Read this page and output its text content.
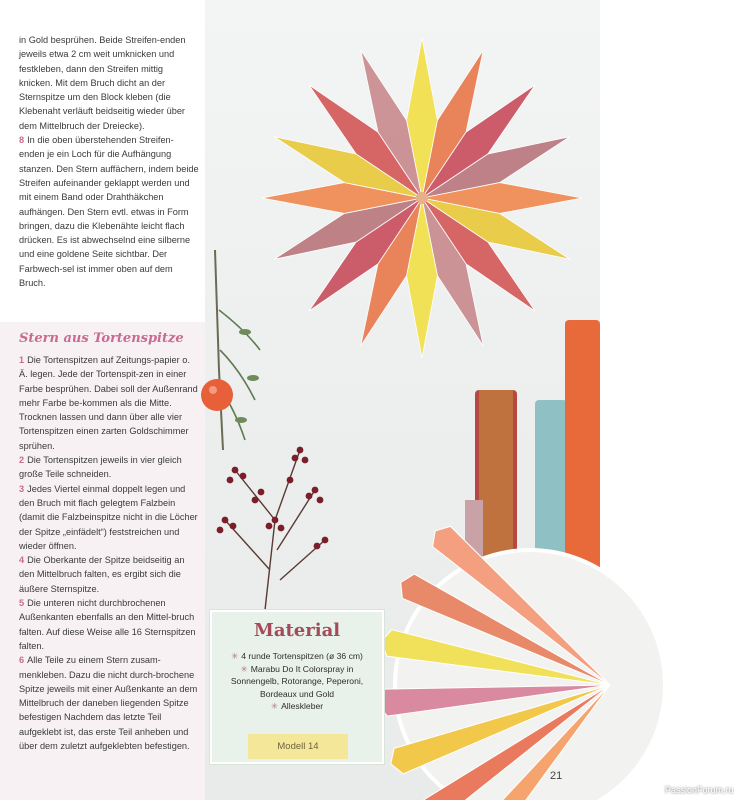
in Gold besprühen. Beide Streifen-enden jeweils etwa 2 cm weit umknicken und festkleben, dann den Streifen mittig knicken. Mit dem Bruch dicht an der Sternspitze um den Block kleben (die Klebenaht verläuft beidseitig wieder über dem Mittelbruch der Dreiecke).

8 In die oben überstehenden Streifen-enden je ein Loch für die Aufhängung stanzen. Den Stern auffächern, indem beide Streifen aufeinander geklappt werden und mit einem Band oder Drahthäkchen aufhängen. Den Stern evtl. etwas in Form bringen, dazu die Klebenähte leicht flach drücken. Es ist abwechselnd eine silberne und eine goldene Seite sichtbar. Der Farbwech-sel ist immer oben auf dem Bruch.

Stern aus Tortenspitze

1 Die Tortenspitzen auf Zeitungs-papier o. Ä. legen. Jede der Tortenspit-zen in einer Farbe besprühen. Dabei soll der Außenrand mehr Farbe be-kommen als die Mitte. Trocknen lassen und dann über alle vier Tortenspitzen einen zarten Goldschimmer sprühen.

2 Die Tortenspitzen jeweils in vier gleich große Teile schneiden.

3 Jedes Viertel einmal doppelt legen und den Bruch mit flach gelegtem Falzbein (damit die Falzbeinspitze nicht in die Löcher der Spitze „einfädelt“) feststreichen und wieder öffnen.

4 Die Oberkante der Spitze beidseitig an den Mittelbruch falten, es ergibt sich die äußere Sternspitze.

5 Die unteren nicht durchbrochenen Außenkanten ebenfalls an den Mittel-bruch falten. Auf diese Weise alle 16 Sternspitzen falten.

6 Alle Teile zu einem Stern zusam-menkleben. Dazu die nicht durch-brochene Spitze jeweils mit einer Außenkante an dem Mittelbruch der daneben liegenden Spitze befestigen Nachdem das letzte Teil aufgeklebt ist, das erste Teil anheben und über dem zuletzt aufgeklebten befestigen.

PassionForum.ru
Material
✳ 4 runde Tortenspitzen (ø 36 cm)
✳ Marabu Do It Colorspray in Sonnengelb, Rotorange, Peperoni, Bordeaux und Gold
✳ Alleskleber
Modell 14
21
